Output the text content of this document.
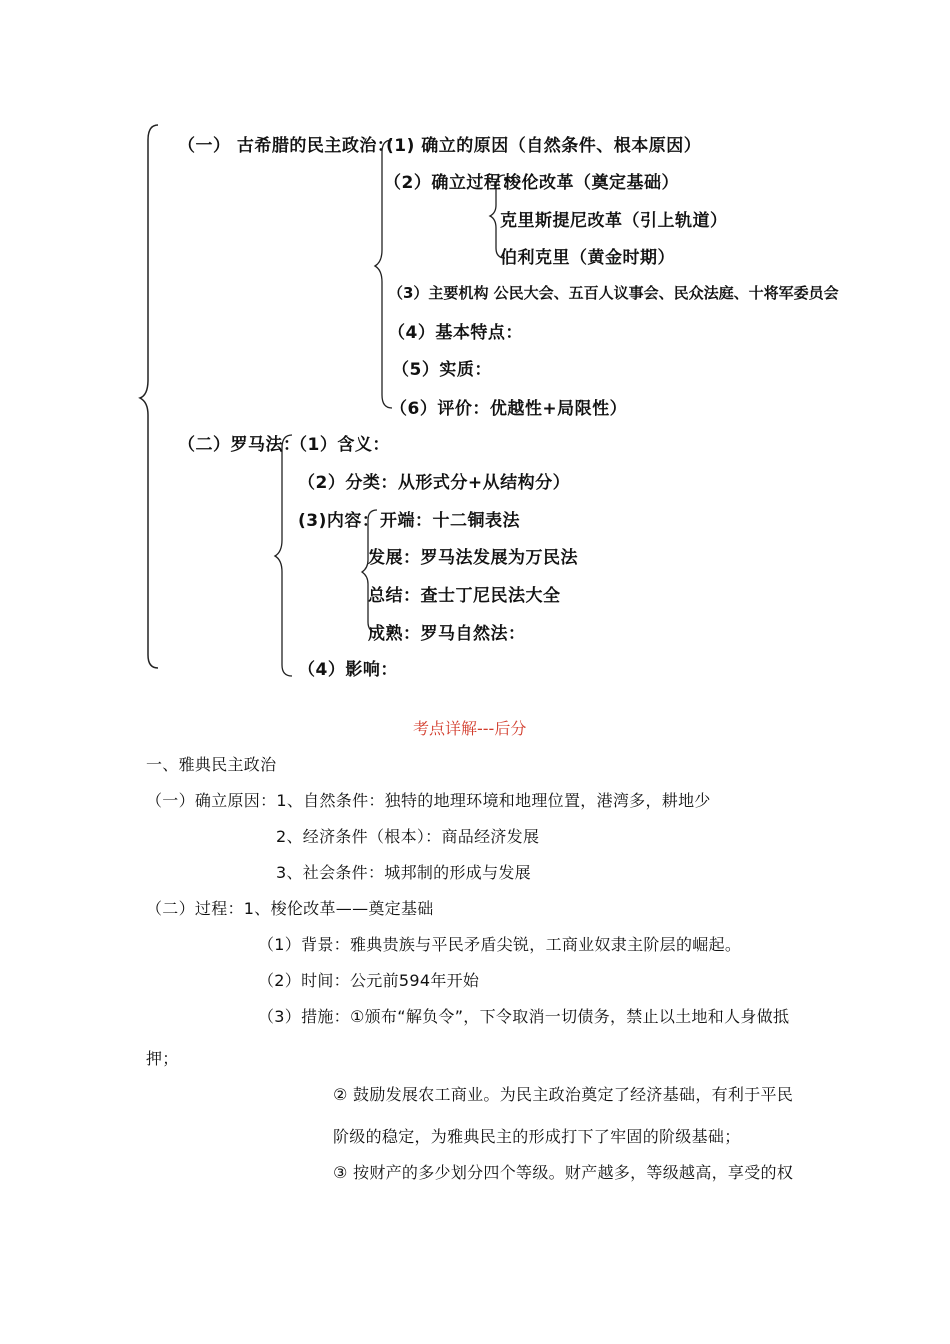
（一） 古希腊的民主政治：
(1) 确立的原因（自然条件、根本原因）
（2）确立过程：
梭伦改革（奠定基础）
克里斯提尼改革（引上轨道）
伯利克里（黄金时期）
（3）主要机构 公民大会、五百人议事会、民众法庭、十将军委员会
（4）基本特点：
（5）实质：
（6）评价：优越性+局限性）
（二）罗马法：
（1）含义：
（2）分类：从形式分+从结构分）
(3)内容： 开端：十二铜表法
发展：罗马法发展为万民法
总结：查士丁尼民法大全
成熟：罗马自然法：
（4）影响：
考点详解---后分
一、雅典民主政治
（一）确立原因：1、自然条件：独特的地理环境和地理位置，港湾多，耕地少
2、经济条件（根本）：商品经济发展
3、社会条件：城邦制的形成与发展
（二）过程：1、梭伦改革——奠定基础
（1）背景：雅典贵族与平民矛盾尖锐，工商业奴隶主阶层的崛起。
（2）时间：公元前594年开始
（3）措施：①颁布“解负令”，下令取消一切债务，禁止以土地和人身做抵
押；
② 鼓励发展农工商业。为民主政治奠定了经济基础，有利于平民
阶级的稳定，为雅典民主的形成打下了牢固的阶级基础；
③ 按财产的多少划分四个等级。财产越多，等级越高，享受的权
